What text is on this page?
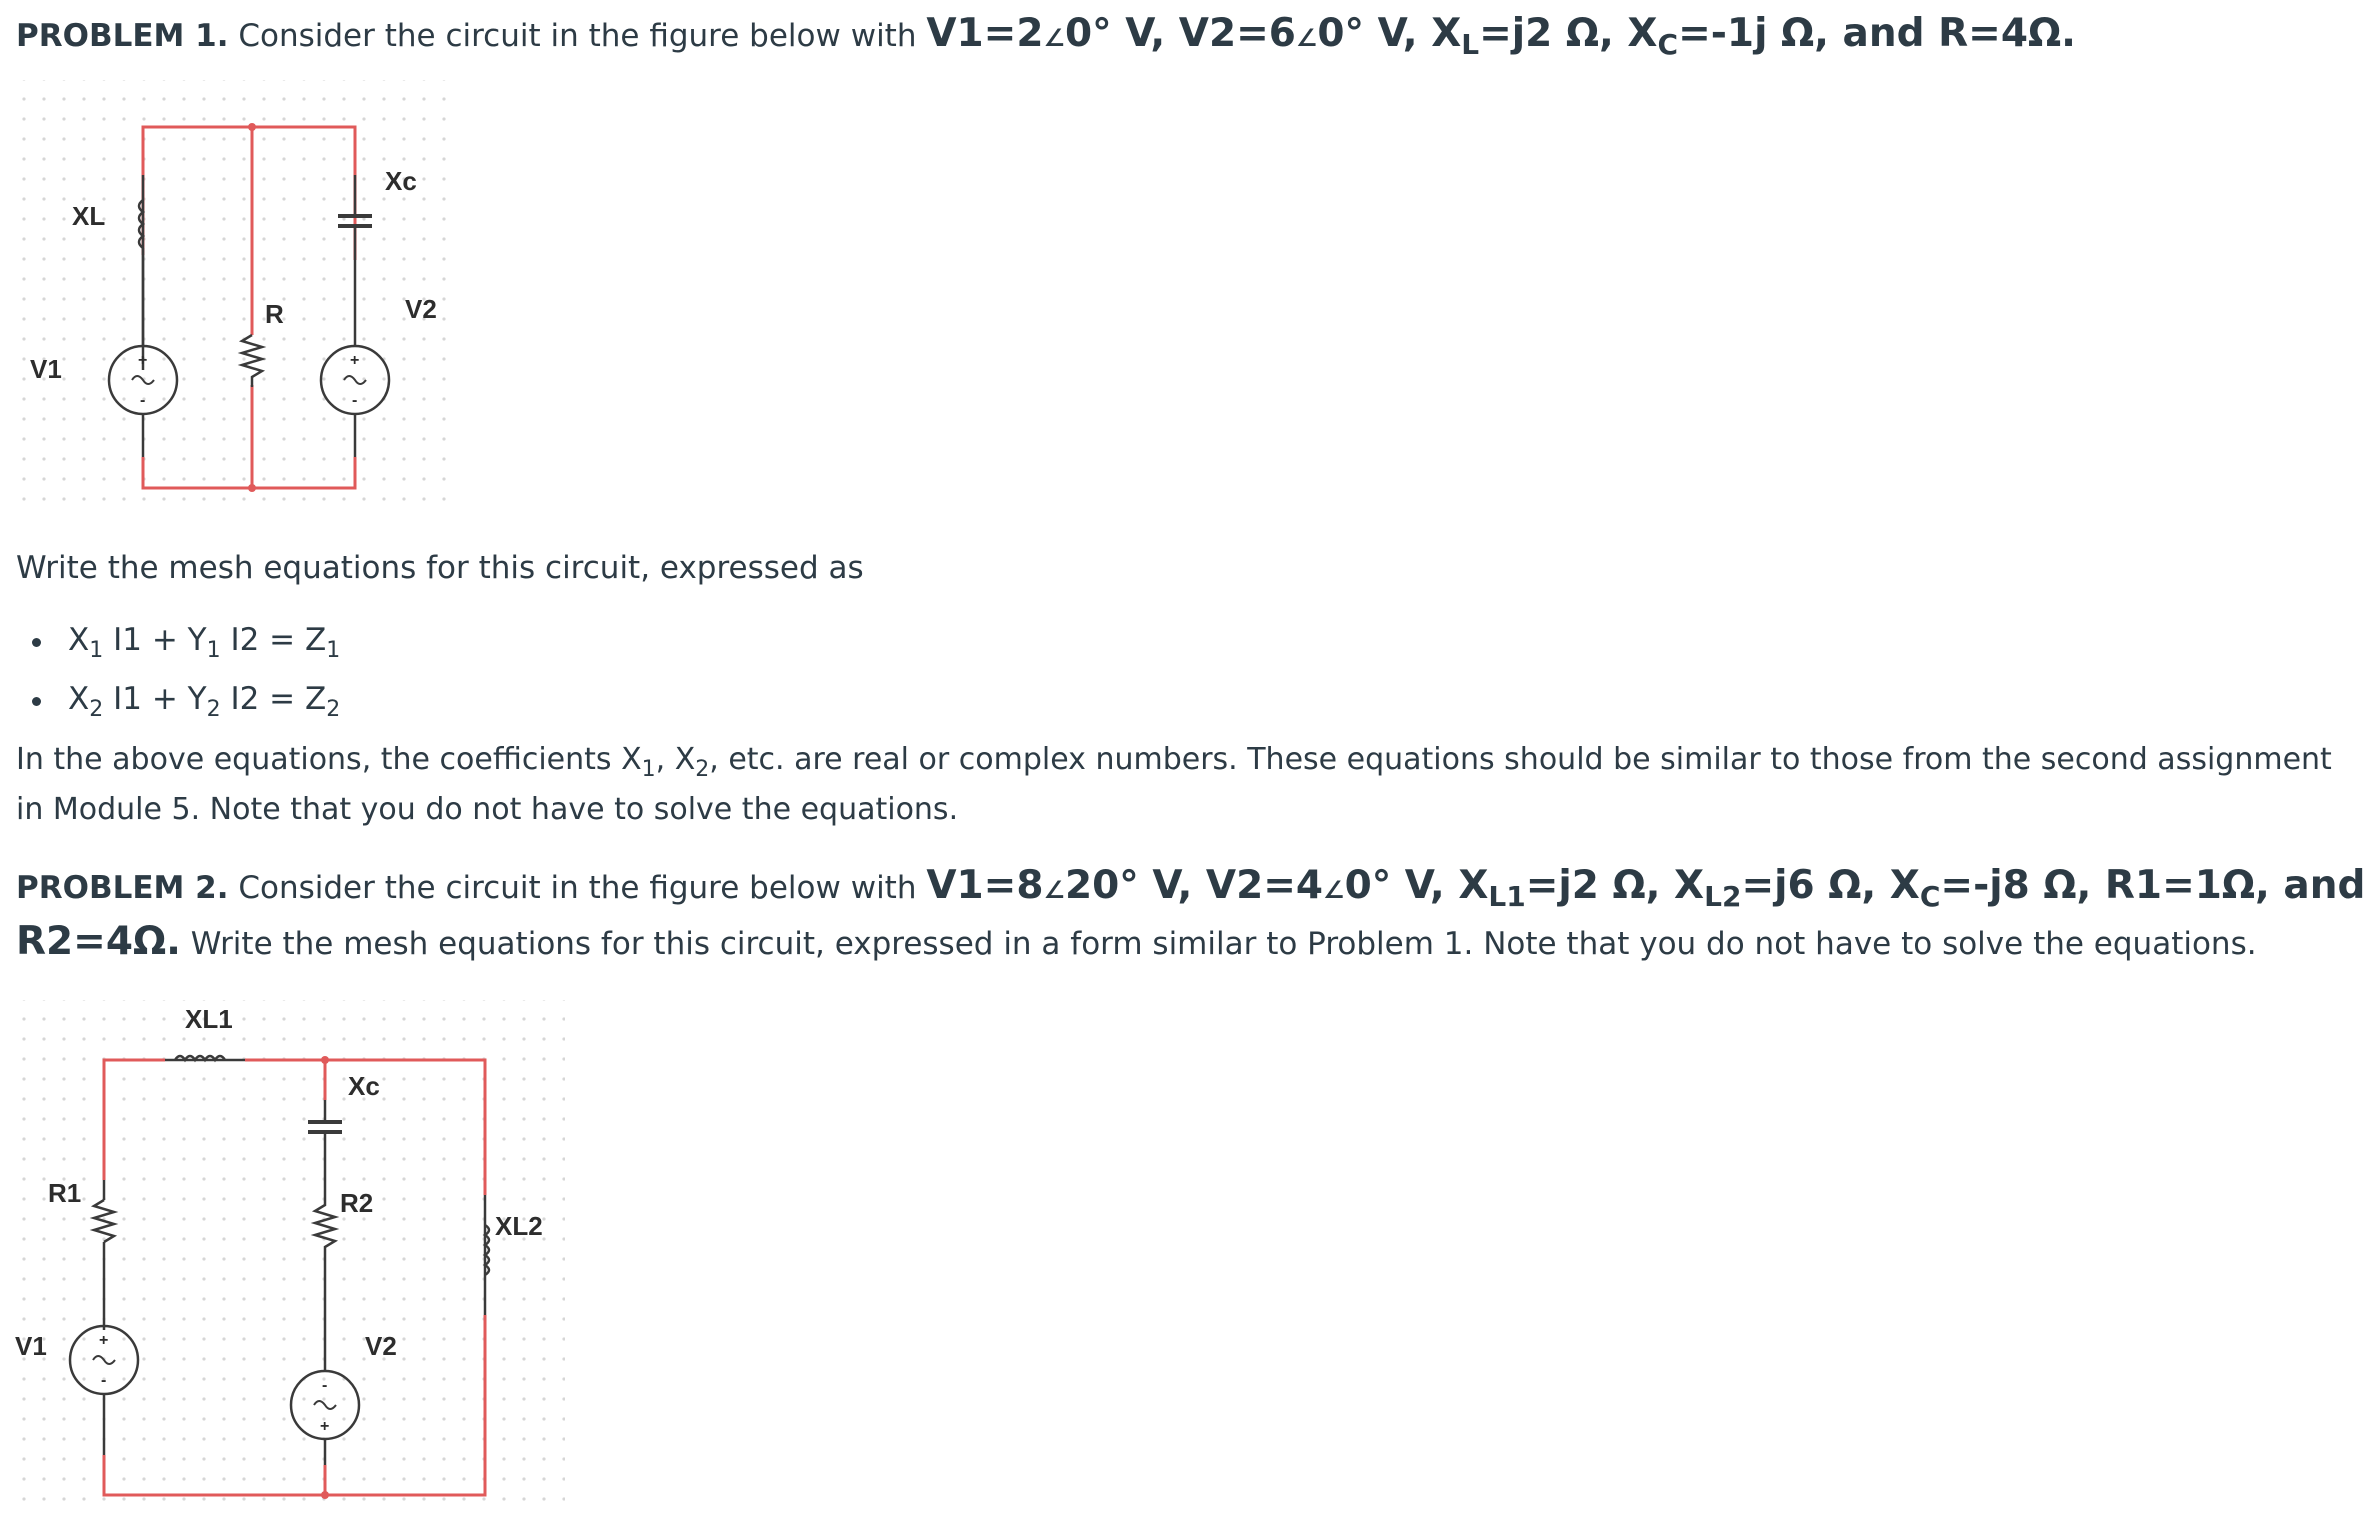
PROBLEM 1. Consider the circuit in the figure below with V1=2∠0° V, V2=6∠0° V, XL=j2 Ω, XC=-1j Ω, and R=4Ω.
+
-
+
-
Xc
XL
R	V2
V1
Write the mesh equations for this circuit, expressed as
$X_1$ $I1 + Y_1$ $I2 = Z_1$
$X_2$ $I1 + Y_2$ $I2 = Z_2$
In the above equations, the coefficients $X_1$, $X_2$, etc. are real or complex numbers. These equations should be similar to those from the second assignment
in Module 5. Note that you do not have to solve the equations.
PROBLEM 2. Consider the circuit in the figure below with V1=8∠20° V, V2=4∠0° V, XL1=j2 Ω, XL2=j6 Ω, XC=-j8 Ω, R1=1Ω, and
R2=4Ω. Write the mesh equations for this circuit, expressed in a form similar to Problem 1. Note that you do not have to solve the equations.
+
-	-
+
XL1
Xc
R1	R2
XL2
V1	V2
